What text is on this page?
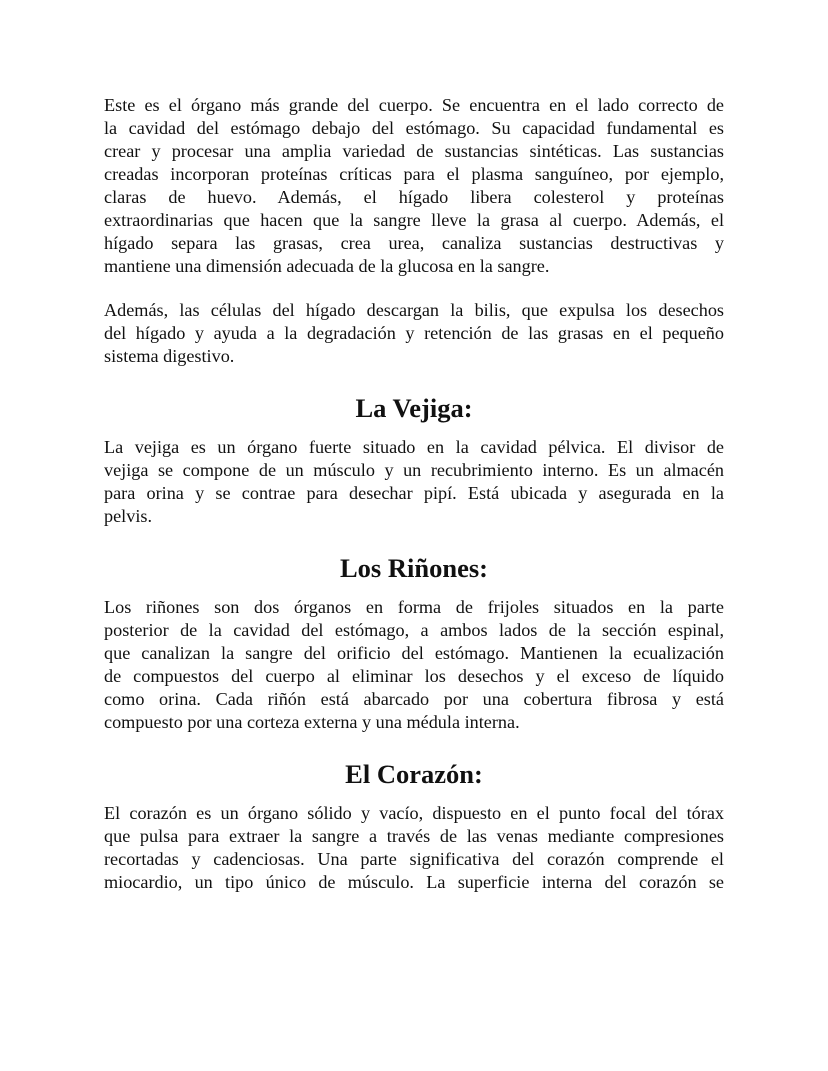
Este es el órgano más grande del cuerpo. Se encuentra en el lado correcto de
la cavidad del estómago debajo del estómago. Su capacidad fundamental es
crear y procesar una amplia variedad de sustancias sintéticas. Las sustancias
creadas incorporan proteínas críticas para el plasma sanguíneo, por ejemplo,
claras de huevo. Además, el hígado libera colesterol y proteínas
extraordinarias que hacen que la sangre lleve la grasa al cuerpo. Además, el
hígado separa las grasas, crea urea, canaliza sustancias destructivas y
mantiene una dimensión adecuada de la glucosa en la sangre.

Además, las células del hígado descargan la bilis, que expulsa los desechos
del hígado y ayuda a la degradación y retención de las grasas en el pequeño
sistema digestivo.

La Vejiga:

La vejiga es un órgano fuerte situado en la cavidad pélvica. El divisor de
vejiga se compone de un músculo y un recubrimiento interno. Es un almacén
para orina y se contrae para desechar pipí. Está ubicada y asegurada en la
pelvis.

Los Riñones:

Los riñones son dos órganos en forma de frijoles situados en la parte
posterior de la cavidad del estómago, a ambos lados de la sección espinal,
que canalizan la sangre del orificio del estómago. Mantienen la ecualización
de compuestos del cuerpo al eliminar los desechos y el exceso de líquido
como orina. Cada riñón está abarcado por una cobertura fibrosa y está
compuesto por una corteza externa y una médula interna.

El Corazón:

El corazón es un órgano sólido y vacío, dispuesto en el punto focal del tórax
que pulsa para extraer la sangre a través de las venas mediante compresiones
recortadas y cadenciosas. Una parte significativa del corazón comprende el
miocardio, un tipo único de músculo. La superficie interna del corazón se
